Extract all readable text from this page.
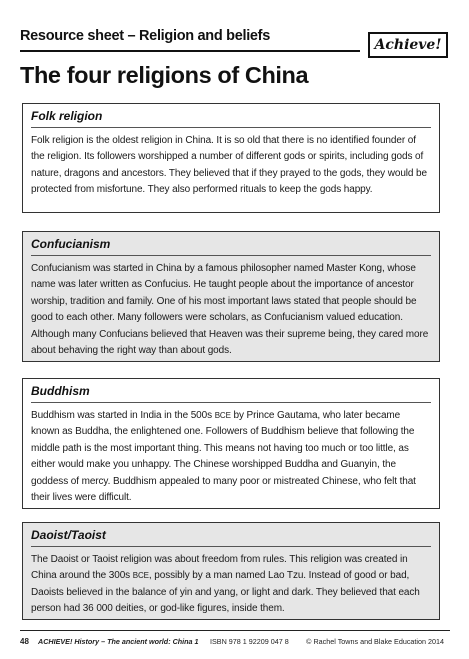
Resource sheet – Religion and beliefs
Achieve!
The four religions of China
Folk religion

Folk religion is the oldest religion in China. It is so old that there is no identified founder of the religion. Its followers worshipped a number of different gods or spirits, including gods of nature, dragons and ancestors. They believed that if they prayed to the gods, they would be protected from misfortune. They also performed rituals to keep the gods happy.

Confucianism

Confucianism was started in China by a famous philosopher named Master Kong, whose name was later written as Confucius. He taught people about the importance of ancestor worship, tradition and family. One of his most important laws stated that people should be good to each other. Many followers were scholars, as Confucianism valued education. Although many Confucians believed that Heaven was their supreme being, they cared more about behaving the right way than about gods.

Buddhism

Buddhism was started in India in the 500s BCE by Prince Gautama, who later became known as Buddha, the enlightened one. Followers of Buddhism believe that following the middle path is the most important thing. This means not having too much or too little, as either would make you unhappy. The Chinese worshipped Buddha and Guanyin, the goddess of mercy. Buddhism appealed to many poor or mistreated Chinese, who felt that their lives were difficult.

Daoist/Taoist

The Daoist or Taoist religion was about freedom from rules. This religion was created in China around the 300s BCE, possibly by a man named Lao Tzu. Instead of good or bad, Daoists believed in the balance of yin and yang, or light and dark. They believed that each person had 36 000 deities, or god-like figures, inside them.

48 ACHIEVE! History – The ancient world: China 1 ISBN 978 1 92209 047 8 © Rachel Towns and Blake Education 2014
